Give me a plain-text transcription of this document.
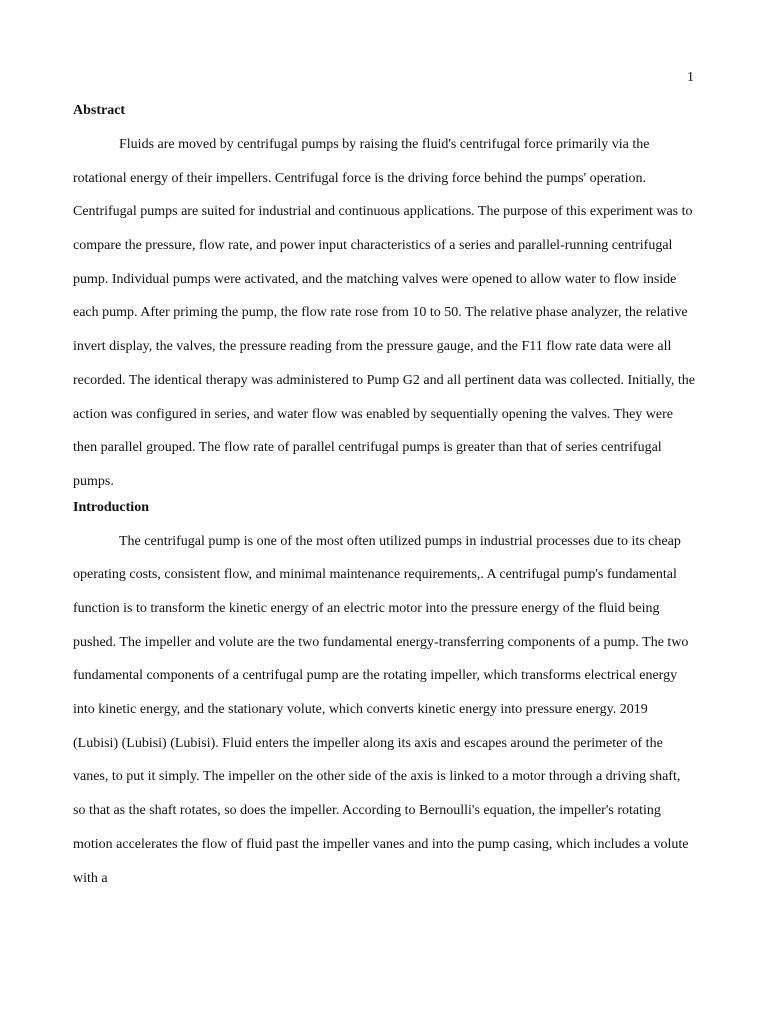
1
Abstract

Fluids are moved by centrifugal pumps by raising the fluid's centrifugal force primarily via the rotational energy of their impellers. Centrifugal force is the driving force behind the pumps' operation. Centrifugal pumps are suited for industrial and continuous applications. The purpose of this experiment was to compare the pressure, flow rate, and power input characteristics of a series and parallel-running centrifugal pump. Individual pumps were activated, and the matching valves were opened to allow water to flow inside each pump. After priming the pump, the flow rate rose from 10 to 50. The relative phase analyzer, the relative invert display, the valves, the pressure reading from the pressure gauge, and the F11 flow rate data were all recorded. The identical therapy was administered to Pump G2 and all pertinent data was collected. Initially, the action was configured in series, and water flow was enabled by sequentially opening the valves. They were then parallel grouped. The flow rate of parallel centrifugal pumps is greater than that of series centrifugal pumps.

Introduction

The centrifugal pump is one of the most often utilized pumps in industrial processes due to its cheap operating costs, consistent flow, and minimal maintenance requirements,. A centrifugal pump's fundamental function is to transform the kinetic energy of an electric motor into the pressure energy of the fluid being pushed. The impeller and volute are the two fundamental energy-transferring components of a pump. The two fundamental components of a centrifugal pump are the rotating impeller, which transforms electrical energy into kinetic energy, and the stationary volute, which converts kinetic energy into pressure energy. 2019 (Lubisi) (Lubisi) (Lubisi). Fluid enters the impeller along its axis and escapes around the perimeter of the vanes, to put it simply. The impeller on the other side of the axis is linked to a motor through a driving shaft, so that as the shaft rotates, so does the impeller. According to Bernoulli's equation, the impeller's rotating motion accelerates the flow of fluid past the impeller vanes and into the pump casing, which includes a volute with a
